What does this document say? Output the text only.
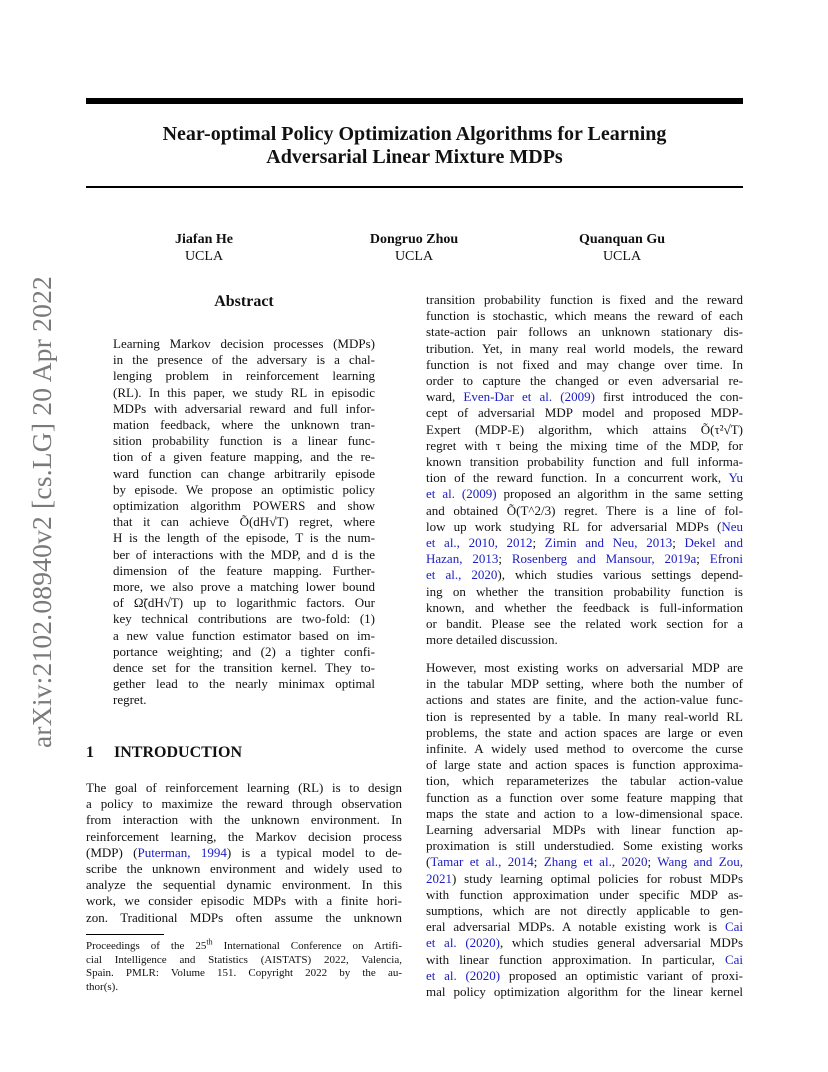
Near-optimal Policy Optimization Algorithms for Learning
Adversarial Linear Mixture MDPs
Jiafan He
UCLA
Dongruo Zhou
UCLA
Quanquan Gu
UCLA
arXiv:2102.08940v2 [cs.LG] 20 Apr 2022	Abstract
Learning Markov decision processes (MDPs)
in the presence of the adversary is a chal-
lenging problem in reinforcement learning
(RL). In this paper, we study RL in episodic
MDPs with adversarial reward and full infor-
mation feedback, where the unknown tran-
sition probability function is a linear func-
tion of a given feature mapping, and the re-
ward function can change arbitrarily episode
by episode. We propose an optimistic policy
optimization algorithm POWERS and show
that it can achieve Õ(dH√T) regret, where
H is the length of the episode, T is the num-
ber of interactions with the MDP, and d is the
dimension of the feature mapping. Further-
more, we also prove a matching lower bound
of Ω̃(dH√T) up to logarithmic factors. Our
key technical contributions are two-fold: (1)
a new value function estimator based on im-
portance weighting; and (2) a tighter confi-
dence set for the transition kernel. They to-
gether lead to the nearly minimax optimal
regret.
1 INTRODUCTION
The goal of reinforcement learning (RL) is to design
a policy to maximize the reward through observation
from interaction with the unknown environment. In
reinforcement learning, the Markov decision process
(MDP) (Puterman, 1994) is a typical model to de-
scribe the unknown environment and widely used to
analyze the sequential dynamic environment. In this
work, we consider episodic MDPs with a finite hori-
zon. Traditional MDPs often assume the unknown
Proceedings of the 25th International Conference on Artifi-
cial Intelligence and Statistics (AISTATS) 2022, Valencia,
Spain. PMLR: Volume 151. Copyright 2022 by the au-
thor(s).
transition probability function is fixed and the reward
function is stochastic, which means the reward of each
state-action pair follows an unknown stationary dis-
tribution. Yet, in many real world models, the reward
function is not fixed and may change over time. In
order to capture the changed or even adversarial re-
ward, Even-Dar et al. (2009) first introduced the con-
cept of adversarial MDP model and proposed MDP-
Expert (MDP-E) algorithm, which attains Õ(τ²√T)
regret with τ being the mixing time of the MDP, for
known transition probability function and full informa-
tion of the reward function. In a concurrent work, Yu
et al. (2009) proposed an algorithm in the same setting
and obtained Õ(T^2/3) regret. There is a line of fol-
low up work studying RL for adversarial MDPs (Neu
et al., 2010, 2012; Zimin and Neu, 2013; Dekel and
Hazan, 2013; Rosenberg and Mansour, 2019a; Efroni
et al., 2020), which studies various settings depend-
ing on whether the transition probability function is
known, and whether the feedback is full-information
or bandit. Please see the related work section for a
more detailed discussion.
However, most existing works on adversarial MDP are
in the tabular MDP setting, where both the number of
actions and states are finite, and the action-value func-
tion is represented by a table. In many real-world RL
problems, the state and action spaces are large or even
infinite. A widely used method to overcome the curse
of large state and action spaces is function approxima-
tion, which reparameterizes the tabular action-value
function as a function over some feature mapping that
maps the state and action to a low-dimensional space.
Learning adversarial MDPs with linear function ap-
proximation is still understudied. Some existing works
(Tamar et al., 2014; Zhang et al., 2020; Wang and Zou,
2021) study learning optimal policies for robust MDPs
with function approximation under specific MDP as-
sumptions, which are not directly applicable to gen-
eral adversarial MDPs. A notable existing work is Cai
et al. (2020), which studies general adversarial MDPs
with linear function approximation. In particular, Cai
et al. (2020) proposed an optimistic variant of proxi-
mal policy optimization algorithm for the linear kernel
